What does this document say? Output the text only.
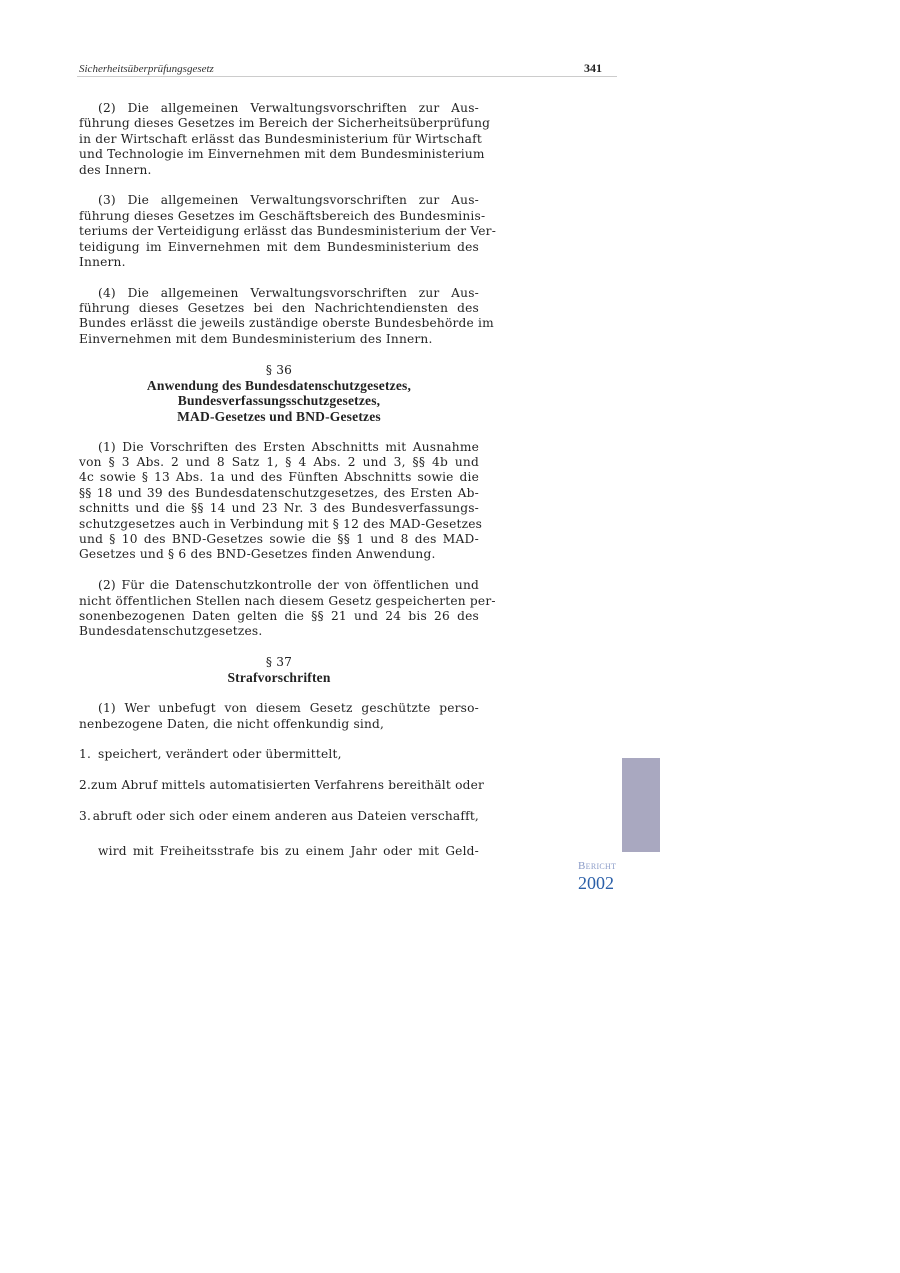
Sicherheitsüberprüfungsgesetz	341
(2) Die allgemeinen Verwaltungsvorschriften zur Aus-
führung dieses Gesetzes im Bereich der Sicherheitsüberprüfung
in der Wirtschaft erlässt das Bundesministerium für Wirtschaft
und Technologie im Einvernehmen mit dem Bundesministerium
des Innern.
(3) Die allgemeinen Verwaltungsvorschriften zur Aus-
führung dieses Gesetzes im Geschäftsbereich des Bundesminis-
teriums der Verteidigung erlässt das Bundesministerium der Ver-
teidigung im Einvernehmen mit dem Bundesministerium des
Innern.
(4) Die allgemeinen Verwaltungsvorschriften zur Aus-
führung dieses Gesetzes bei den Nachrichtendiensten des
Bundes erlässt die jeweils zuständige oberste Bundesbehörde im
Einvernehmen mit dem Bundesministerium des Innern.
§ 36
Anwendung des Bundesdatenschutzgesetzes,
Bundesverfassungsschutzgesetzes,
MAD-Gesetzes und BND-Gesetzes
(1) Die Vorschriften des Ersten Abschnitts mit Ausnahme
von § 3 Abs. 2 und 8 Satz 1, § 4 Abs. 2 und 3, §§ 4b und
4c sowie § 13 Abs. 1a und des Fünften Abschnitts sowie die
§§ 18 und 39 des Bundesdatenschutzgesetzes, des Ersten Ab-
schnitts und die §§ 14 und 23 Nr. 3 des Bundesverfassungs-
schutzgesetzes auch in Verbindung mit § 12 des MAD-Gesetzes
und § 10 des BND-Gesetzes sowie die §§ 1 und 8 des MAD-
Gesetzes und § 6 des BND-Gesetzes finden Anwendung.
(2) Für die Datenschutzkontrolle der von öffentlichen und
nicht öffentlichen Stellen nach diesem Gesetz gespeicherten per-
sonenbezogenen Daten gelten die §§ 21 und 24 bis 26 des
Bundesdatenschutzgesetzes.
§ 37
Strafvorschriften
(1) Wer unbefugt von diesem Gesetz geschützte perso-
nenbezogene Daten, die nicht offenkundig sind,
1. speichert, verändert oder übermittelt,
2. zum Abruf mittels automatisierten Verfahrens bereithält oder
3. abruft oder sich oder einem anderen aus Dateien verschafft,
wird mit Freiheitsstrafe bis zu einem Jahr oder mit Geld-
Bericht
2002
